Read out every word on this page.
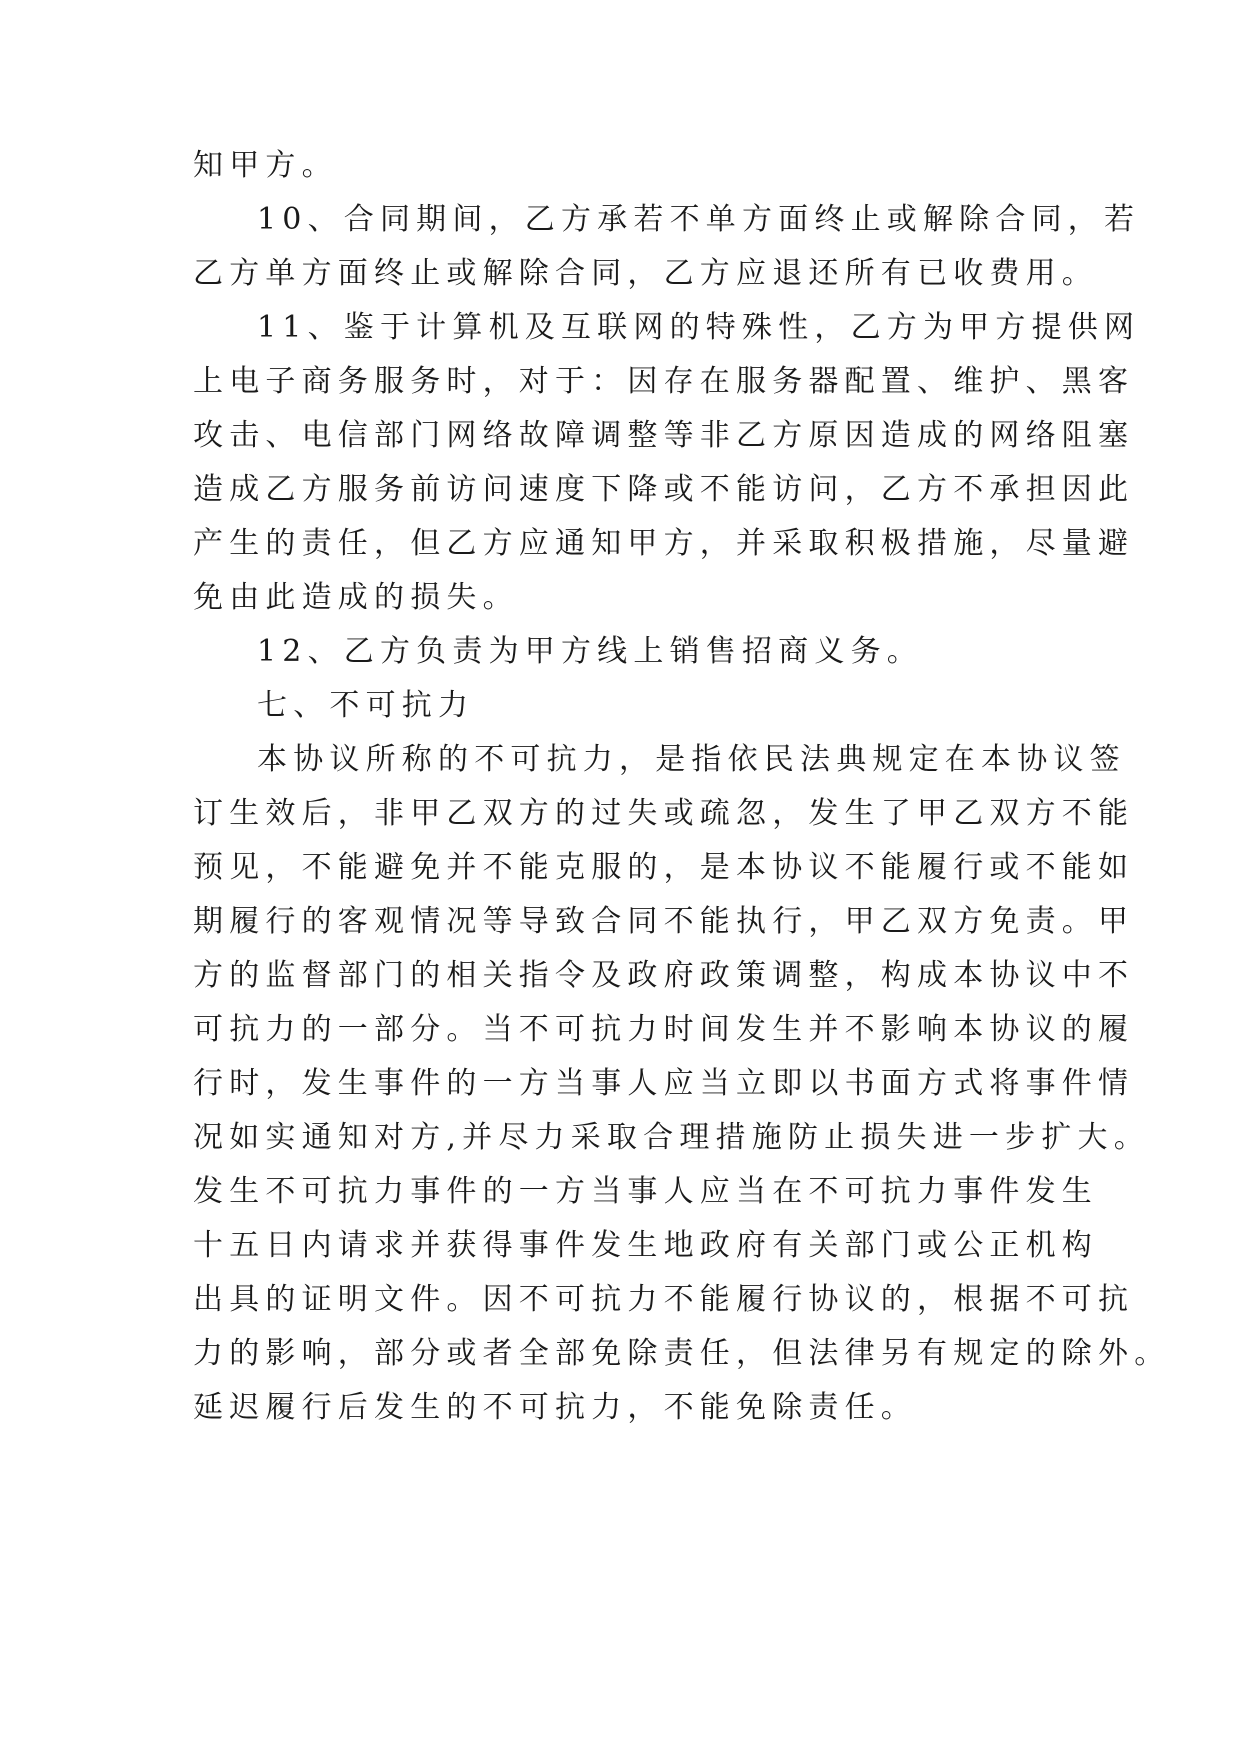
知甲方。

10、合同期间，乙方承若不单方面终止或解除合同，若

乙方单方面终止或解除合同，乙方应退还所有已收费用。

11、鉴于计算机及互联网的特殊性，乙方为甲方提供网

上电子商务服务时，对于：因存在服务器配置、维护、黑客

攻击、电信部门网络故障调整等非乙方原因造成的网络阻塞

造成乙方服务前访问速度下降或不能访问，乙方不承担因此

产生的责任，但乙方应通知甲方，并采取积极措施，尽量避

免由此造成的损失。

12、乙方负责为甲方线上销售招商义务。

七、不可抗力

本协议所称的不可抗力，是指依民法典规定在本协议签

订生效后，非甲乙双方的过失或疏忽，发生了甲乙双方不能

预见，不能避免并不能克服的，是本协议不能履行或不能如

期履行的客观情况等导致合同不能执行，甲乙双方免责。甲

方的监督部门的相关指令及政府政策调整，构成本协议中不

可抗力的一部分。当不可抗力时间发生并不影响本协议的履

行时，发生事件的一方当事人应当立即以书面方式将事件情

况如实通知对方,并尽力采取合理措施防止损失进一步扩大。

发生不可抗力事件的一方当事人应当在不可抗力事件发生

十五日内请求并获得事件发生地政府有关部门或公正机构

出具的证明文件。因不可抗力不能履行协议的，根据不可抗

力的影响，部分或者全部免除责任，但法律另有规定的除外。

延迟履行后发生的不可抗力，不能免除责任。
